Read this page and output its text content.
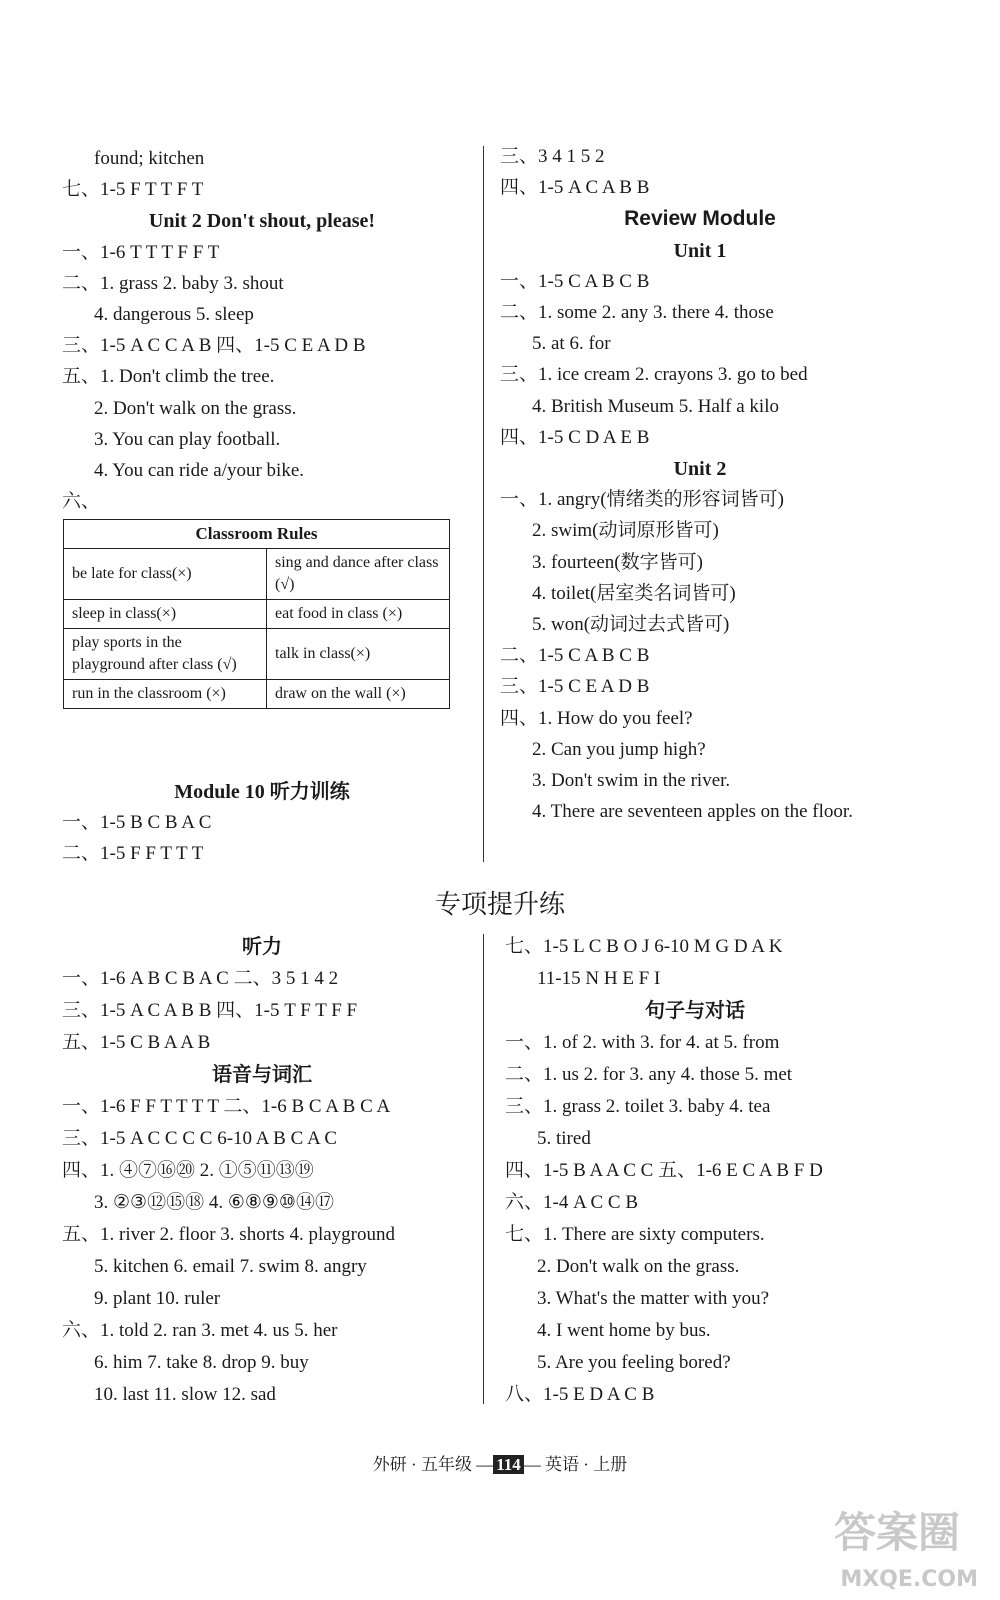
found; kitchen
七、1-5 F T T F T
Unit 2 Don't shout, please!
一、1-6 T T T F F T
二、1. grass 2. baby 3. shout
4. dangerous 5. sleep
三、1-5 A C C A B 四、1-5 C E A D B
五、1. Don't climb the tree.
2. Don't walk on the grass.
3. You can play football.
4. You can ride a/your bike.
六、
Classroom Rules	
be late for class(×)	sing and dance after class (√)
sleep in class(×)	eat food in class (×)
play sports in the playground after class (√)	talk in class(×)
run in the classroom (×)	draw on the wall (×)
Module 10 听力训练
一、1-5 B C B A C
二、1-5 F F T T T
三、3 4 1 5 2
四、1-5 A C A B B
Review Module
Unit 1
一、1-5 C A B C B
二、1. some 2. any 3. there 4. those
5. at 6. for
三、1. ice cream 2. crayons 3. go to bed
4. British Museum 5. Half a kilo
四、1-5 C D A E B
Unit 2
一、1. angry(情绪类的形容词皆可)
2. swim(动词原形皆可)
3. fourteen(数字皆可)
4. toilet(居室类名词皆可)
5. won(动词过去式皆可)
二、1-5 C A B C B
三、1-5 C E A D B
四、1. How do you feel?
2. Can you jump high?
3. Don't swim in the river.
4. There are seventeen apples on the floor.
专项提升练
听力
一、1-6 A B C B A C 二、3 5 1 4 2
三、1-5 A C A B B 四、1-5 T F T F F
五、1-5 C B A A B
语音与词汇
一、1-6 F F T T T T 二、1-6 B C A B C A
三、1-5 A C C C C 6-10 A B C A C
四、1. ④⑦⑯⑳ 2. ①⑤⑪⑬⑲
3. ②③⑫⑮⑱ 4. ⑥⑧⑨⑩⑭⑰
五、1. river 2. floor 3. shorts 4. playground
5. kitchen 6. email 7. swim 8. angry
9. plant 10. ruler
六、1. told 2. ran 3. met 4. us 5. her
6. him 7. take 8. drop 9. buy
10. last 11. slow 12. sad
七、1-5 L C B O J 6-10 M G D A K
11-15 N H E F I
句子与对话
一、1. of 2. with 3. for 4. at 5. from
二、1. us 2. for 3. any 4. those 5. met
三、1. grass 2. toilet 3. baby 4. tea
5. tired
四、1-5 B A A C C 五、1-6 E C A B F D
六、1-4 A C C B
七、1. There are sixty computers.
2. Don't walk on the grass.
3. What's the matter with you?
4. I went home by bus.
5. Are you feeling bored?
八、1-5 E D A C B
外研 · 五年级 — 114 — 英语 · 上册
答案圈
MXQE.COM
